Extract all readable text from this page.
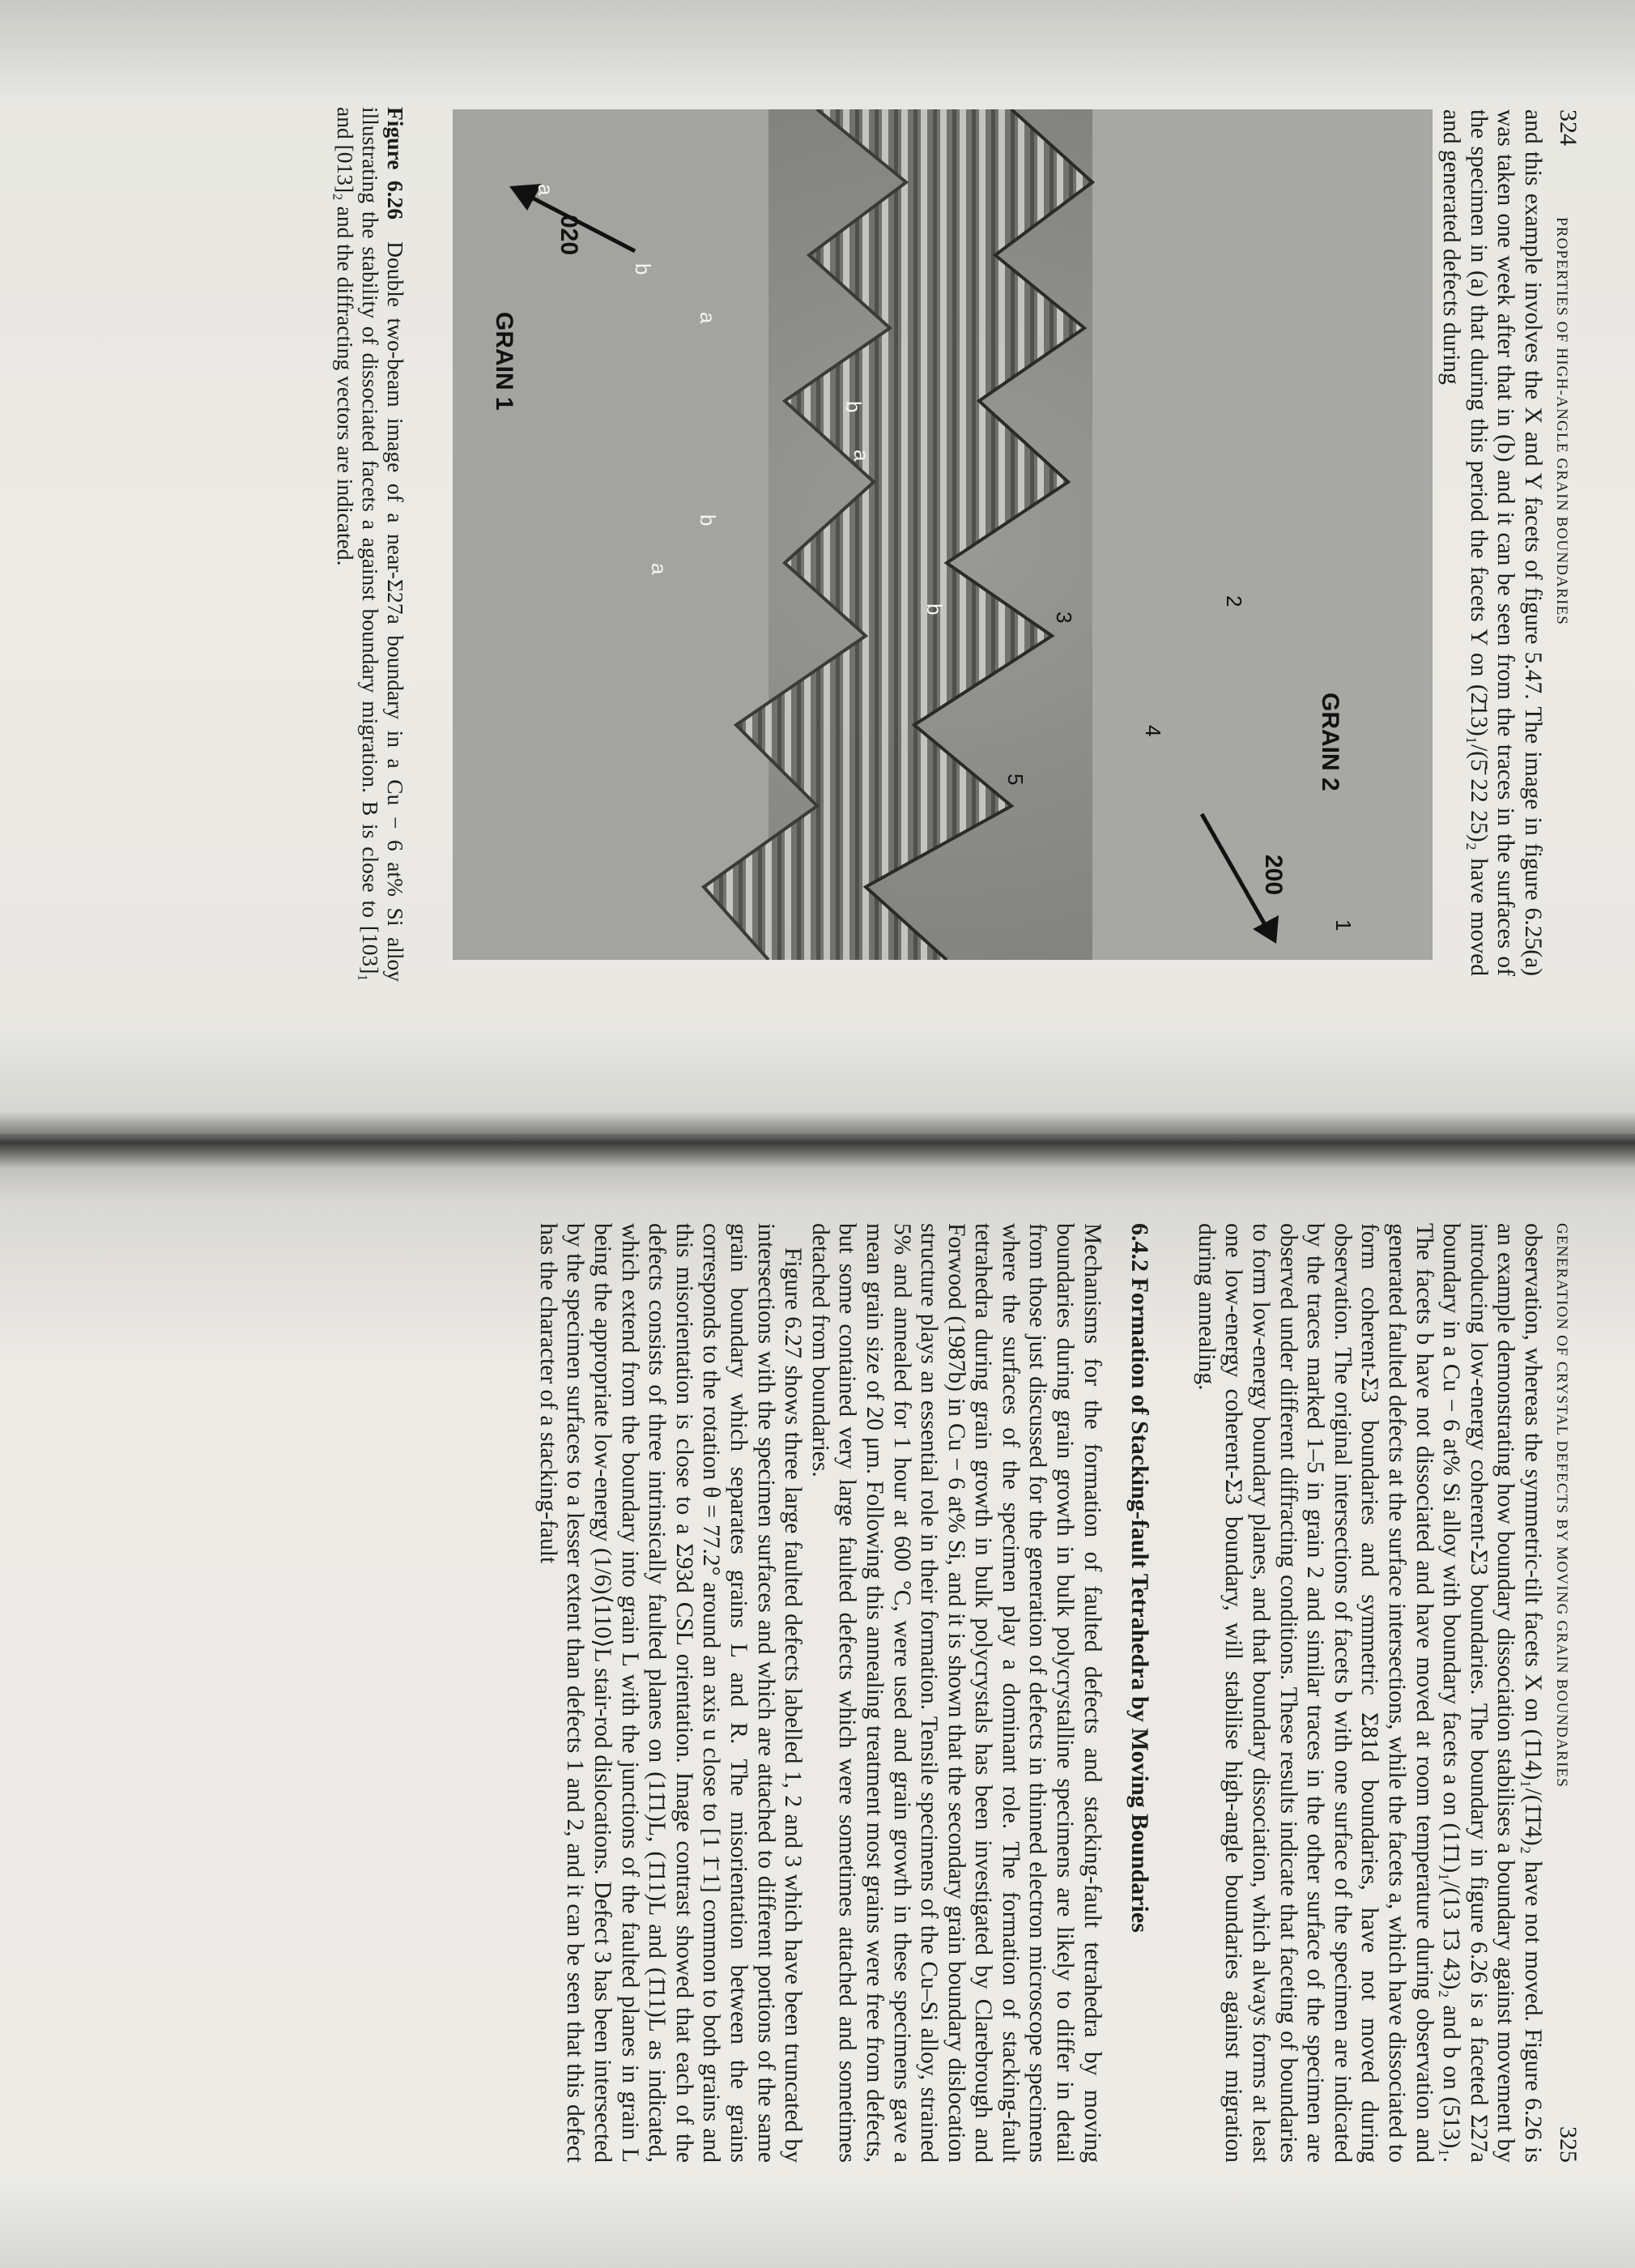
324
PROPERTIES OF HIGH-ANGLE GRAIN BOUNDARIES

and this example involves the X and Y facets of figure 5.47. The image in figure 6.25(a) was taken one week after that in (b) and it can be seen from the traces in the surfaces of the specimen in (a) that during this period the facets Y on (2̄13)₁/(5̄ 22 25)₂ have moved and generated defects during

GRAIN 1
GRAIN 2
020
200
a
a
a
a
b
b
b
b
1
2
3
4
5
Figure 6.26  Double two-beam image of a near-Σ27a boundary in a Cu − 6 at% Si alloy illustrating the stability of dissociated facets a against boundary migration. B is close to [103]₁ and [013]₂ and the diffracting vectors are indicated.
GENERATION OF CRYSTAL DEFECTS BY MOVING GRAIN BOUNDARIES
325

observation, whereas the symmetric-tilt facets X on (1̄14)₁/(1̄1̄4)₂ have not moved. Figure 6.26 is an example demonstrating how boundary dissociation stabilises a boundary against movement by introducing low-energy coherent-Σ3 boundaries. The boundary in figure 6.26 is a faceted Σ27a boundary in a Cu − 6 at% Si alloy with boundary facets a on (11̄1)₁/(13 1̄3 43)₂ and b on (513)₁. The facets b have not dissociated and have moved at room temperature during observation and generated faulted defects at the surface intersections, while the facets a, which have dissociated to form coherent-Σ3 boundaries and symmetric Σ81d boundaries, have not moved during observation. The original intersections of facets b with one surface of the specimen are indicated by the traces marked 1–5 in grain 2 and similar traces in the other surface of the specimen are observed under different diffracting conditions. These results indicate that faceting of boundaries to form low-energy boundary planes, and that boundary dissociation, which always forms at least one low-energy coherent-Σ3 boundary, will stabilise high-angle boundaries against migration during annealing.

6.4.2 Formation of Stacking-fault Tetrahedra by Moving Boundaries

Mechanisms for the formation of faulted defects and stacking-fault tetrahedra by moving boundaries during grain growth in bulk polycrystalline specimens are likely to differ in detail from those just discussed for the generation of defects in thinned electron microscope specimens where the surfaces of the specimen play a dominant role. The formation of stacking-fault tetrahedra during grain growth in bulk polycrystals has been investigated by Clarebrough and Forwood (1987b) in Cu − 6 at% Si, and it is shown that the secondary grain boundary dislocation structure plays an essential role in their formation. Tensile specimens of the Cu–Si alloy, strained 5% and annealed for 1 hour at 600 °C, were used and grain growth in these specimens gave a mean grain size of 20 μm. Following this annealing treatment most grains were free from defects, but some contained very large faulted defects which were sometimes attached and sometimes detached from boundaries.

Figure 6.27 shows three large faulted defects labelled 1, 2 and 3 which have been truncated by intersections with the specimen surfaces and which are attached to different portions of the same grain boundary which separates grains L and R. The misorientation between the grains corresponds to the rotation θ = 77.2° around an axis u close to [1 1̄ 1] common to both grains and this misorientation is close to a Σ93d CSL orientation. Image contrast showed that each of the defects consists of three intrinsically faulted planes on (11̄1)L, (1̄11)L and (1̄11)L as indicated, which extend from the boundary into grain L with the junctions of the faulted planes in grain L being the appropriate low-energy (1/6)⟨110⟩L stair-rod dislocations. Defect 3 has been intersected by the specimen surfaces to a lesser extent than defects 1 and 2, and it can be seen that this defect has the character of a stacking-fault
